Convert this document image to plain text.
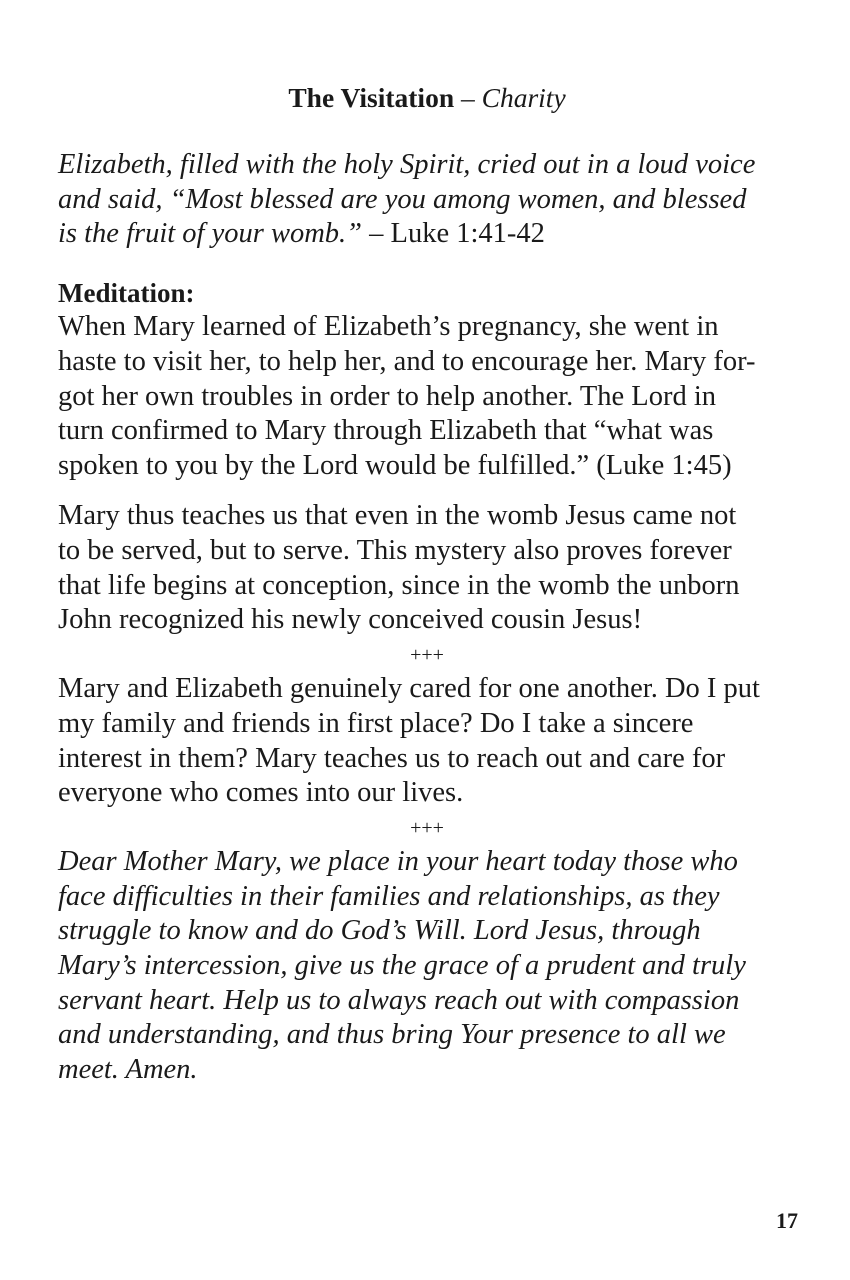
The Visitation – Charity
Elizabeth, filled with the holy Spirit, cried out in a loud voice
and said, “Most blessed are you among women, and blessed
is the fruit of your womb.” – Luke 1:41-42
Meditation:
When Mary learned of Elizabeth’s pregnancy, she went in
haste to visit her, to help her, and to encourage her. Mary for-
got her own troubles in order to help another. The Lord in
turn confirmed to Mary through Elizabeth that “what was
spoken to you by the Lord would be fulfilled.” (Luke 1:45)
Mary thus teaches us that even in the womb Jesus came not
to be served, but to serve. This mystery also proves forever
that life begins at conception, since in the womb the unborn
John recognized his newly conceived cousin Jesus!
+++
Mary and Elizabeth genuinely cared for one another. Do I put
my family and friends in first place? Do I take a sincere
interest in them? Mary teaches us to reach out and care for
everyone who comes into our lives.
+++
Dear Mother Mary, we place in your heart today those who
face difficulties in their families and relationships, as they
struggle to know and do God’s Will. Lord Jesus, through
Mary’s intercession, give us the grace of a prudent and truly
servant heart. Help us to always reach out with compassion
and understanding, and thus bring Your presence to all we
meet. Amen.
17
